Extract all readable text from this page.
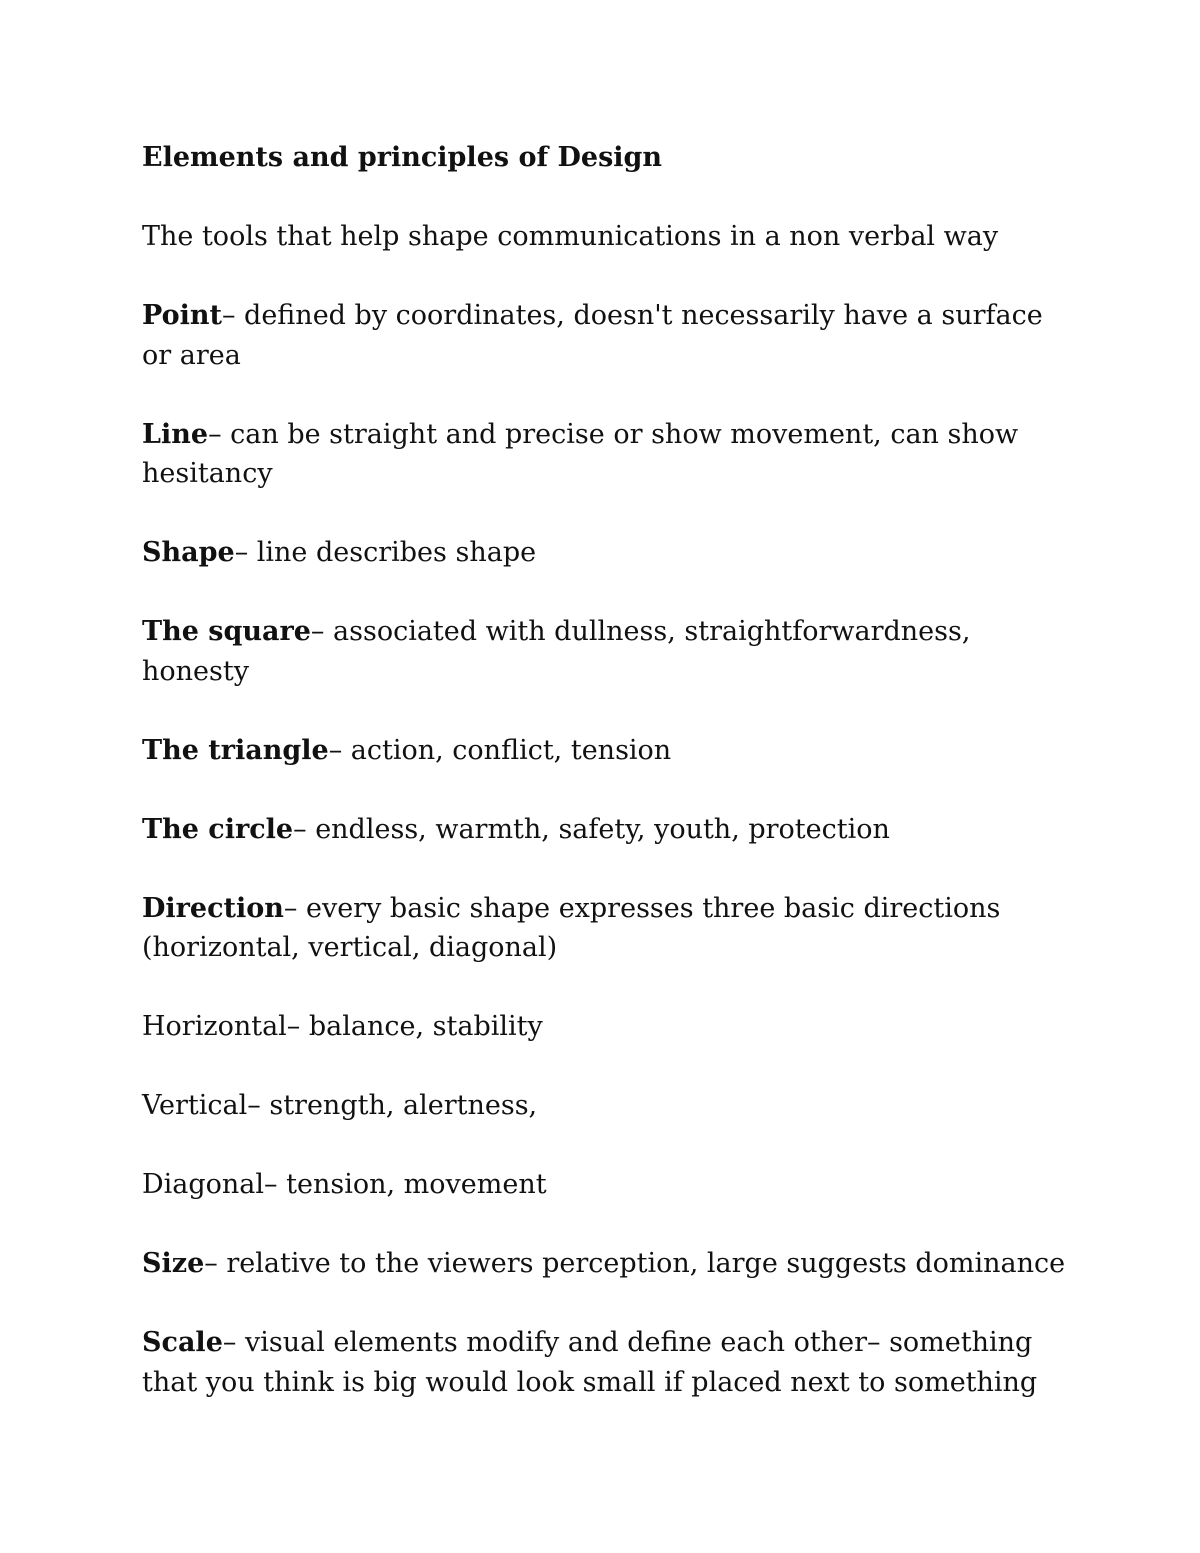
Elements and principles of Design
The tools that help shape communications in a non verbal way
Point– defined by coordinates, doesn't necessarily have a surface or area
Line– can be straight and precise or show movement, can show hesitancy
Shape– line describes shape
The square– associated with dullness, straightforwardness, honesty
The triangle– action, conflict, tension
The circle– endless, warmth, safety, youth, protection
Direction– every basic shape expresses three basic directions (horizontal, vertical, diagonal)
Horizontal– balance, stability
Vertical– strength, alertness,
Diagonal– tension, movement
Size– relative to the viewers perception, large suggests dominance
Scale– visual elements modify and define each other– something that you think is big would look small if placed next to something
